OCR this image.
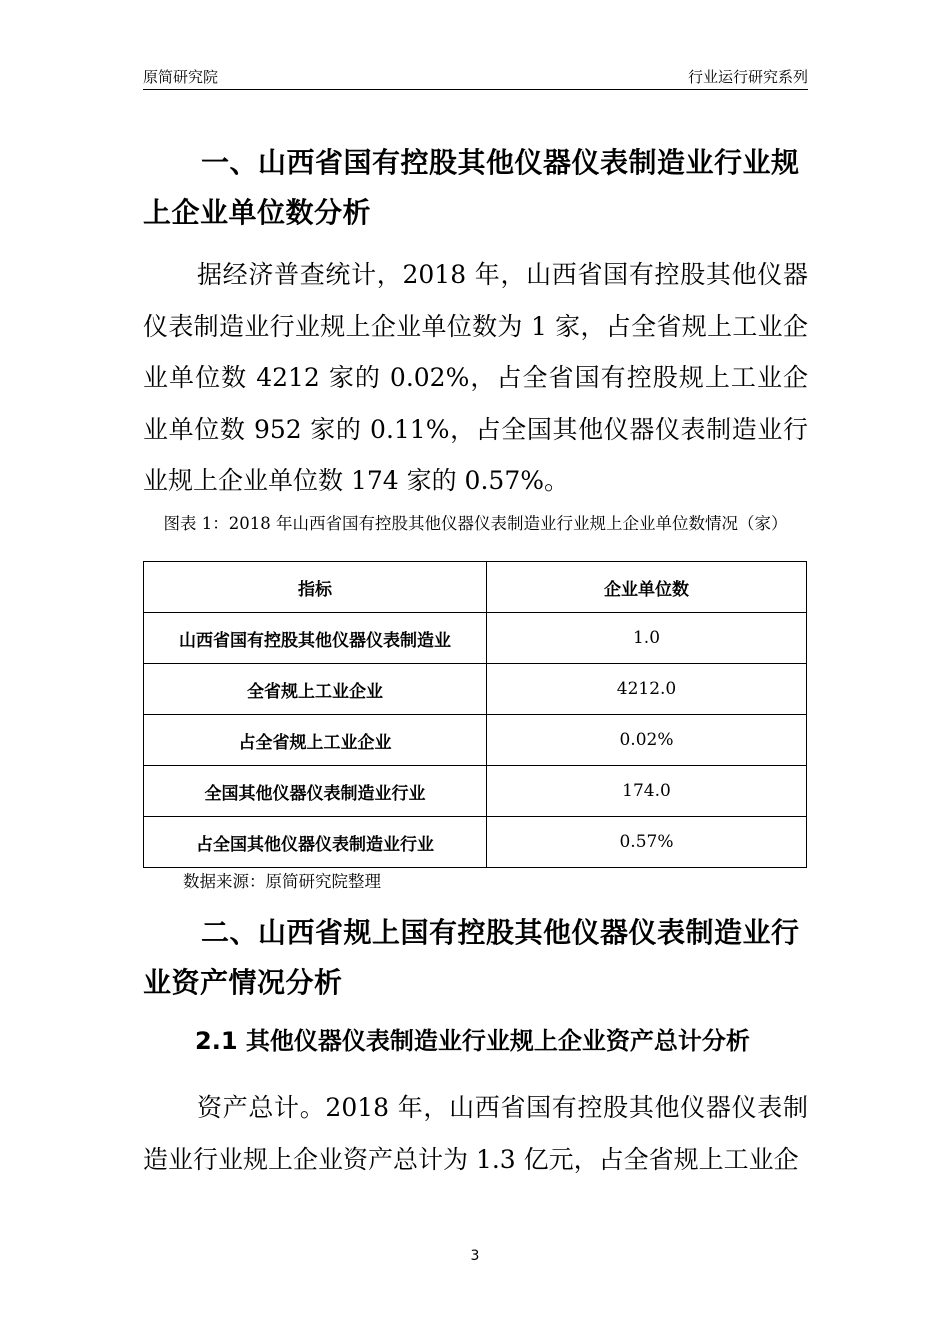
原简研究院	行业运行研究系列
一、山西省国有控股其他仪器仪表制造业行业规上企业单位数分析
据经济普查统计，2018 年，山西省国有控股其他仪器仪表制造业行业规上企业单位数为 1 家，占全省规上工业企业单位数 4212 家的 0.02%，占全省国有控股规上工业企业单位数 952 家的 0.11%，占全国其他仪器仪表制造业行业规上企业单位数 174 家的 0.57%。
图表 1：2018 年山西省国有控股其他仪器仪表制造业行业规上企业单位数情况（家）
指标	企业单位数
山西省国有控股其他仪器仪表制造业	1.0
全省规上工业企业	4212.0
占全省规上工业企业	0.02%
全国其他仪器仪表制造业行业	174.0
占全国其他仪器仪表制造业行业	0.57%
数据来源：原简研究院整理
二、山西省规上国有控股其他仪器仪表制造业行业资产情况分析
2.1 其他仪器仪表制造业行业规上企业资产总计分析
资产总计。2018 年，山西省国有控股其他仪器仪表制造业行业规上企业资产总计为 1.3 亿元，占全省规上工业企
3
